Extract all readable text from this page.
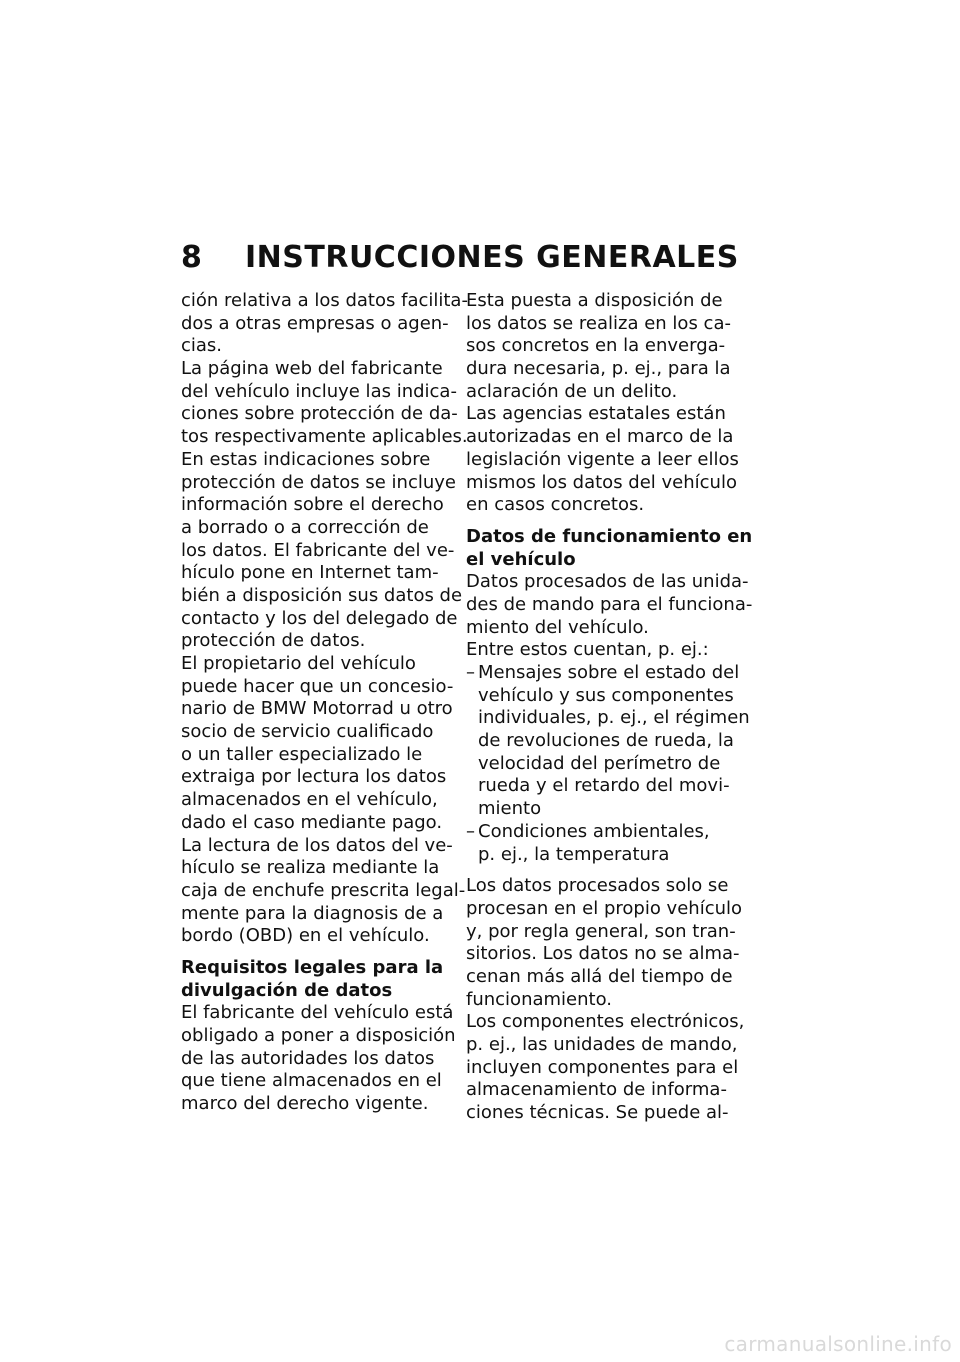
8 INSTRUCCIONES GENERALES
ción relativa a los datos facilita-
dos a otras empresas o agen-
cias.
La página web del fabricante
del vehículo incluye las indica-
ciones sobre protección de da-
tos respectivamente aplicables.
En estas indicaciones sobre
protección de datos se incluye
información sobre el derecho
a borrado o a corrección de
los datos. El fabricante del ve-
hículo pone en Internet tam-
bién a disposición sus datos de
contacto y los del delegado de
protección de datos.
El propietario del vehículo
puede hacer que un concesio-
nario de BMW Motorrad u otro
socio de servicio cualificado
o un taller especializado le
extraiga por lectura los datos
almacenados en el vehículo,
dado el caso mediante pago.
La lectura de los datos del ve-
hículo se realiza mediante la
caja de enchufe prescrita legal-
mente para la diagnosis de a
bordo (OBD) en el vehículo.
Requisitos legales para la
divulgación de datos
El fabricante del vehículo está
obligado a poner a disposición
de las autoridades los datos
que tiene almacenados en el
marco del derecho vigente.
Esta puesta a disposición de
los datos se realiza en los ca-
sos concretos en la enverga-
dura necesaria, p. ej., para la
aclaración de un delito.
Las agencias estatales están
autorizadas en el marco de la
legislación vigente a leer ellos
mismos los datos del vehículo
en casos concretos.
Datos de funcionamiento en
el vehículo
Datos procesados de las unida-
des de mando para el funciona-
miento del vehículo.
Entre estos cuentan, p. ej.:
– Mensajes sobre el estado del
vehículo y sus componentes
individuales, p. ej., el régimen
de revoluciones de rueda, la
velocidad del perímetro de
rueda y el retardo del movi-
miento
– Condiciones ambientales,
p. ej., la temperatura
Los datos procesados solo se
procesan en el propio vehículo
y, por regla general, son tran-
sitorios. Los datos no se alma-
cenan más allá del tiempo de
funcionamiento.
Los componentes electrónicos,
p. ej., las unidades de mando,
incluyen componentes para el
almacenamiento de informa-
ciones técnicas. Se puede al-
carmanualsonline.info
